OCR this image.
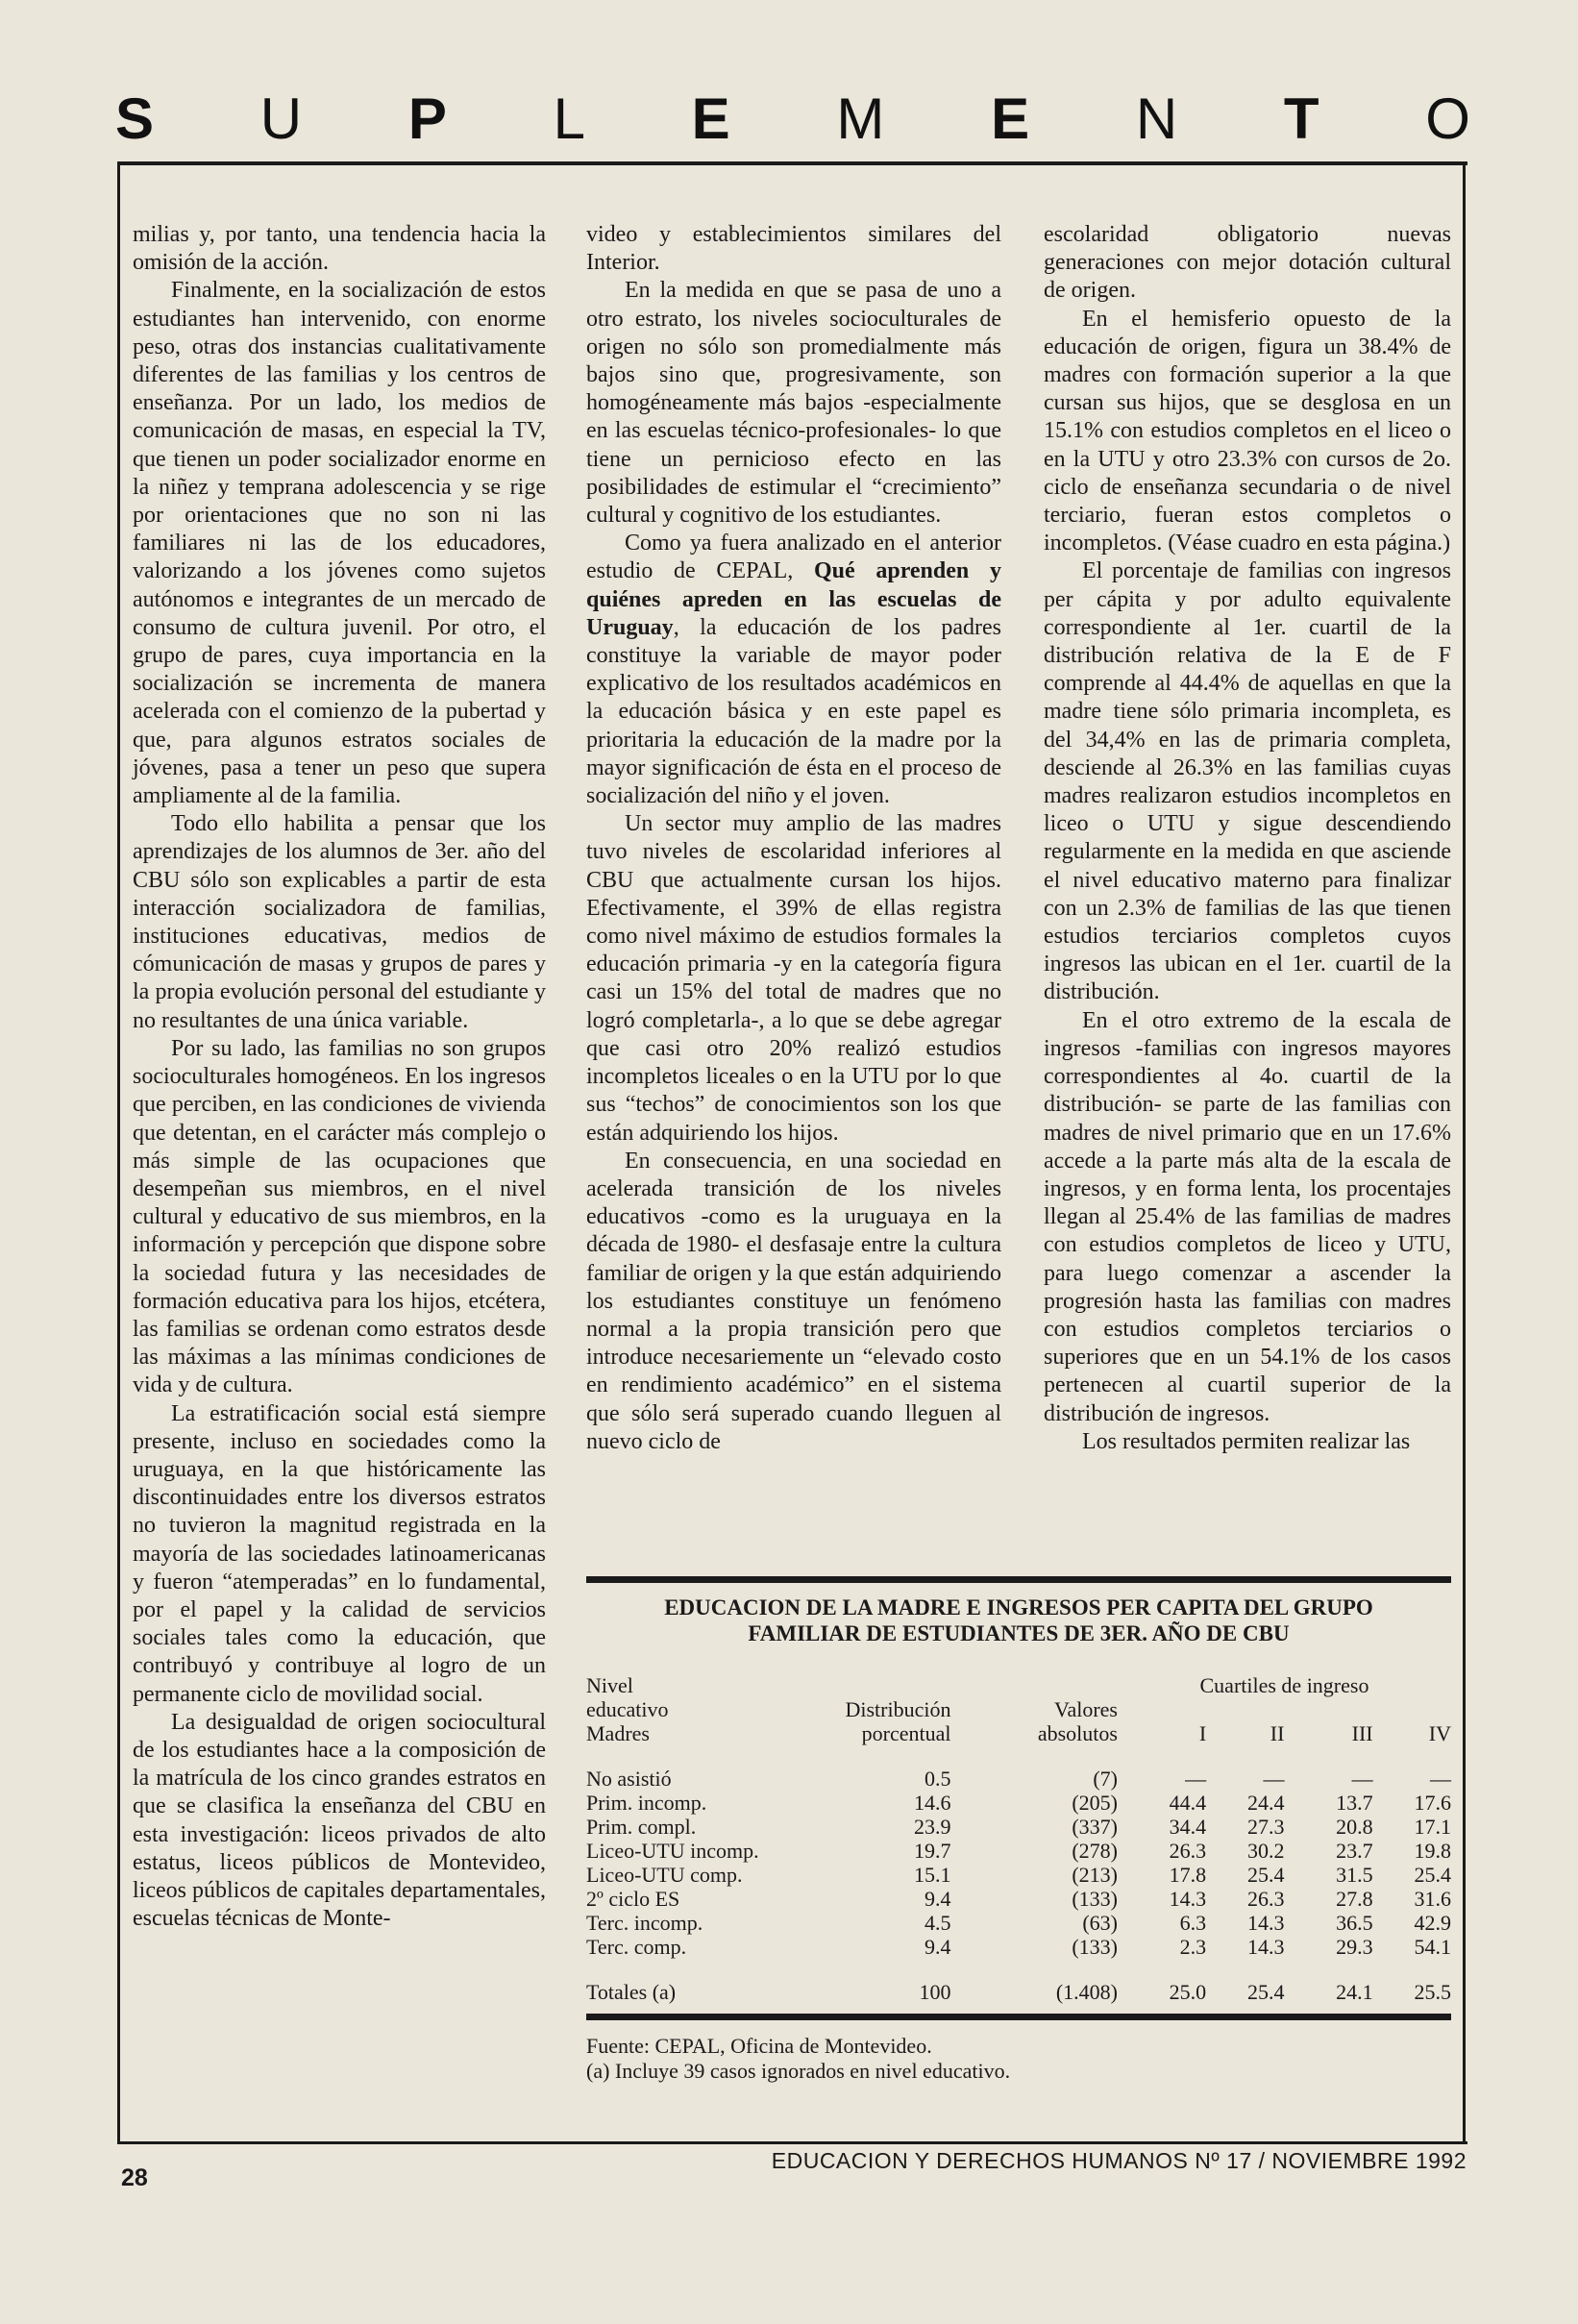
S U P L E M E N T O

milias y, por tanto, una tendencia hacia la omisión de la acción.

Finalmente, en la socialización de estos estudiantes han intervenido, con enorme peso, otras dos instancias cualitativamente diferentes de las familias y los centros de enseñanza. Por un lado, los medios de comunicación de masas, en especial la TV, que tienen un poder socializador enorme en la niñez y temprana adolescencia y se rige por orientaciones que no son ni las familiares ni las de los educadores, valorizando a los jóvenes como sujetos autónomos e integrantes de un mercado de consumo de cultura juvenil. Por otro, el grupo de pares, cuya importancia en la socialización se incrementa de manera acelerada con el comienzo de la pubertad y que, para algunos estratos sociales de jóvenes, pasa a tener un peso que supera ampliamente al de la familia.

Todo ello habilita a pensar que los aprendizajes de los alumnos de 3er. año del CBU sólo son explicables a partir de esta interacción socializadora de familias, instituciones educativas, medios de cómunicación de masas y grupos de pares y la propia evolución personal del estudiante y no resultantes de una única variable.

Por su lado, las familias no son grupos socioculturales homogéneos. En los ingresos que perciben, en las condiciones de vivienda que detentan, en el carácter más complejo o más simple de las ocupaciones que desempeñan sus miembros, en el nivel cultural y educativo de sus miembros, en la información y percepción que dispone sobre la sociedad futura y las necesidades de formación educativa para los hijos, etcétera, las familias se ordenan como estratos desde las máximas a las mínimas condiciones de vida y de cultura.

La estratificación social está siempre presente, incluso en sociedades como la uruguaya, en la que históricamente las discontinuidades entre los diversos estratos no tuvieron la magnitud registrada en la mayoría de las sociedades latinoamericanas y fueron “atemperadas” en lo fundamental, por el papel y la calidad de servicios sociales tales como la educación, que contribuyó y contribuye al logro de un permanente ciclo de movilidad social.

La desigualdad de origen sociocultural de los estudiantes hace a la composición de la matrícula de los cinco grandes estratos en que se clasifica la enseñanza del CBU en esta investigación: liceos privados de alto estatus, liceos públicos de Montevideo, liceos públicos de capitales departamentales, escuelas técnicas de Monte-

video y establecimientos similares del Interior.

En la medida en que se pasa de uno a otro estrato, los niveles socioculturales de origen no sólo son promedialmente más bajos sino que, progresivamente, son homogéneamente más bajos -especialmente en las escuelas técnico-profesionales- lo que tiene un pernicioso efecto en las posibilidades de estimular el “crecimiento” cultural y cognitivo de los estudiantes.

Como ya fuera analizado en el anterior estudio de CEPAL, Qué aprenden y quiénes apreden en las escuelas de Uruguay, la educación de los padres constituye la variable de mayor poder explicativo de los resultados académicos en la educación básica y en este papel es prioritaria la educación de la madre por la mayor significación de ésta en el proceso de socialización del niño y el joven.

Un sector muy amplio de las madres tuvo niveles de escolaridad inferiores al CBU que actualmente cursan los hijos. Efectivamente, el 39% de ellas registra como nivel máximo de estudios formales la educación primaria -y en la categoría figura casi un 15% del total de madres que no logró completarla-, a lo que se debe agregar que casi otro 20% realizó estudios incompletos liceales o en la UTU por lo que sus “techos” de conocimientos son los que están adquiriendo los hijos.

En consecuencia, en una sociedad en acelerada transición de los niveles educativos -como es la uruguaya en la década de 1980- el desfasaje entre la cultura familiar de origen y la que están adquiriendo los estudiantes constituye un fenómeno normal a la propia transición pero que introduce necesariemente un “elevado costo en rendimiento académico” en el sistema que sólo será superado cuando lleguen al nuevo ciclo de

escolaridad obligatorio nuevas generaciones con mejor dotación cultural de origen.

En el hemisferio opuesto de la educación de origen, figura un 38.4% de madres con formación superior a la que cursan sus hijos, que se desglosa en un 15.1% con estudios completos en el liceo o en la UTU y otro 23.3% con cursos de 2o. ciclo de enseñanza secundaria o de nivel terciario, fueran estos completos o incompletos. (Véase cuadro en esta página.)

El porcentaje de familias con ingresos per cápita y por adulto equivalente correspondiente al 1er. cuartil de la distribución relativa de la E de F comprende al 44.4% de aquellas en que la madre tiene sólo primaria incompleta, es del 34,4% en las de primaria completa, desciende al 26.3% en las familias cuyas madres realizaron estudios incompletos en liceo o UTU y sigue descendiendo regularmente en la medida en que asciende el nivel educativo materno para finalizar con un 2.3% de familias de las que tienen estudios terciarios completos cuyos ingresos las ubican en el 1er. cuartil de la distribución.

En el otro extremo de la escala de ingresos -familias con ingresos mayores correspondientes al 4o. cuartil de la distribución- se parte de las familias con madres de nivel primario que en un 17.6% accede a la parte más alta de la escala de ingresos, y en forma lenta, los procentajes llegan al 25.4% de las familias de madres con estudios completos de liceo y UTU, para luego comenzar a ascender la progresión hasta las familias con madres con estudios completos terciarios o superiores que en un 54.1% de los casos pertenecen al cuartil superior de la distribución de ingresos.

Los resultados permiten realizar las

EDUCACION DE LA MADRE E INGRESOS PER CAPITA DEL GRUPO
FAMILIAR DE ESTUDIANTES DE 3ER. AÑO DE CBU
Nivel			Cuartiles de ingreso			
educativo	Distribución	Valores				
Madres	porcentual	absolutos	I	II	III	IV

No asistió	0.5	(7)	—	—	—	—
Prim. incomp.	14.6	(205)	44.4	24.4	13.7	17.6
Prim. compl.	23.9	(337)	34.4	27.3	20.8	17.1
Liceo-UTU incomp.	19.7	(278)	26.3	30.2	23.7	19.8
Liceo-UTU comp.	15.1	(213)	17.8	25.4	31.5	25.4
2º ciclo ES	9.4	(133)	14.3	26.3	27.8	31.6
Terc. incomp.	4.5	(63)	6.3	14.3	36.5	42.9
Terc. comp.	9.4	(133)	2.3	14.3	29.3	54.1

Totales (a)	100	(1.408)	25.0	25.4	24.1	25.5
Fuente: CEPAL, Oficina de Montevideo.
(a) Incluye 39 casos ignorados en nivel educativo.
28
EDUCACION Y DERECHOS HUMANOS Nº 17 / NOVIEMBRE 1992
